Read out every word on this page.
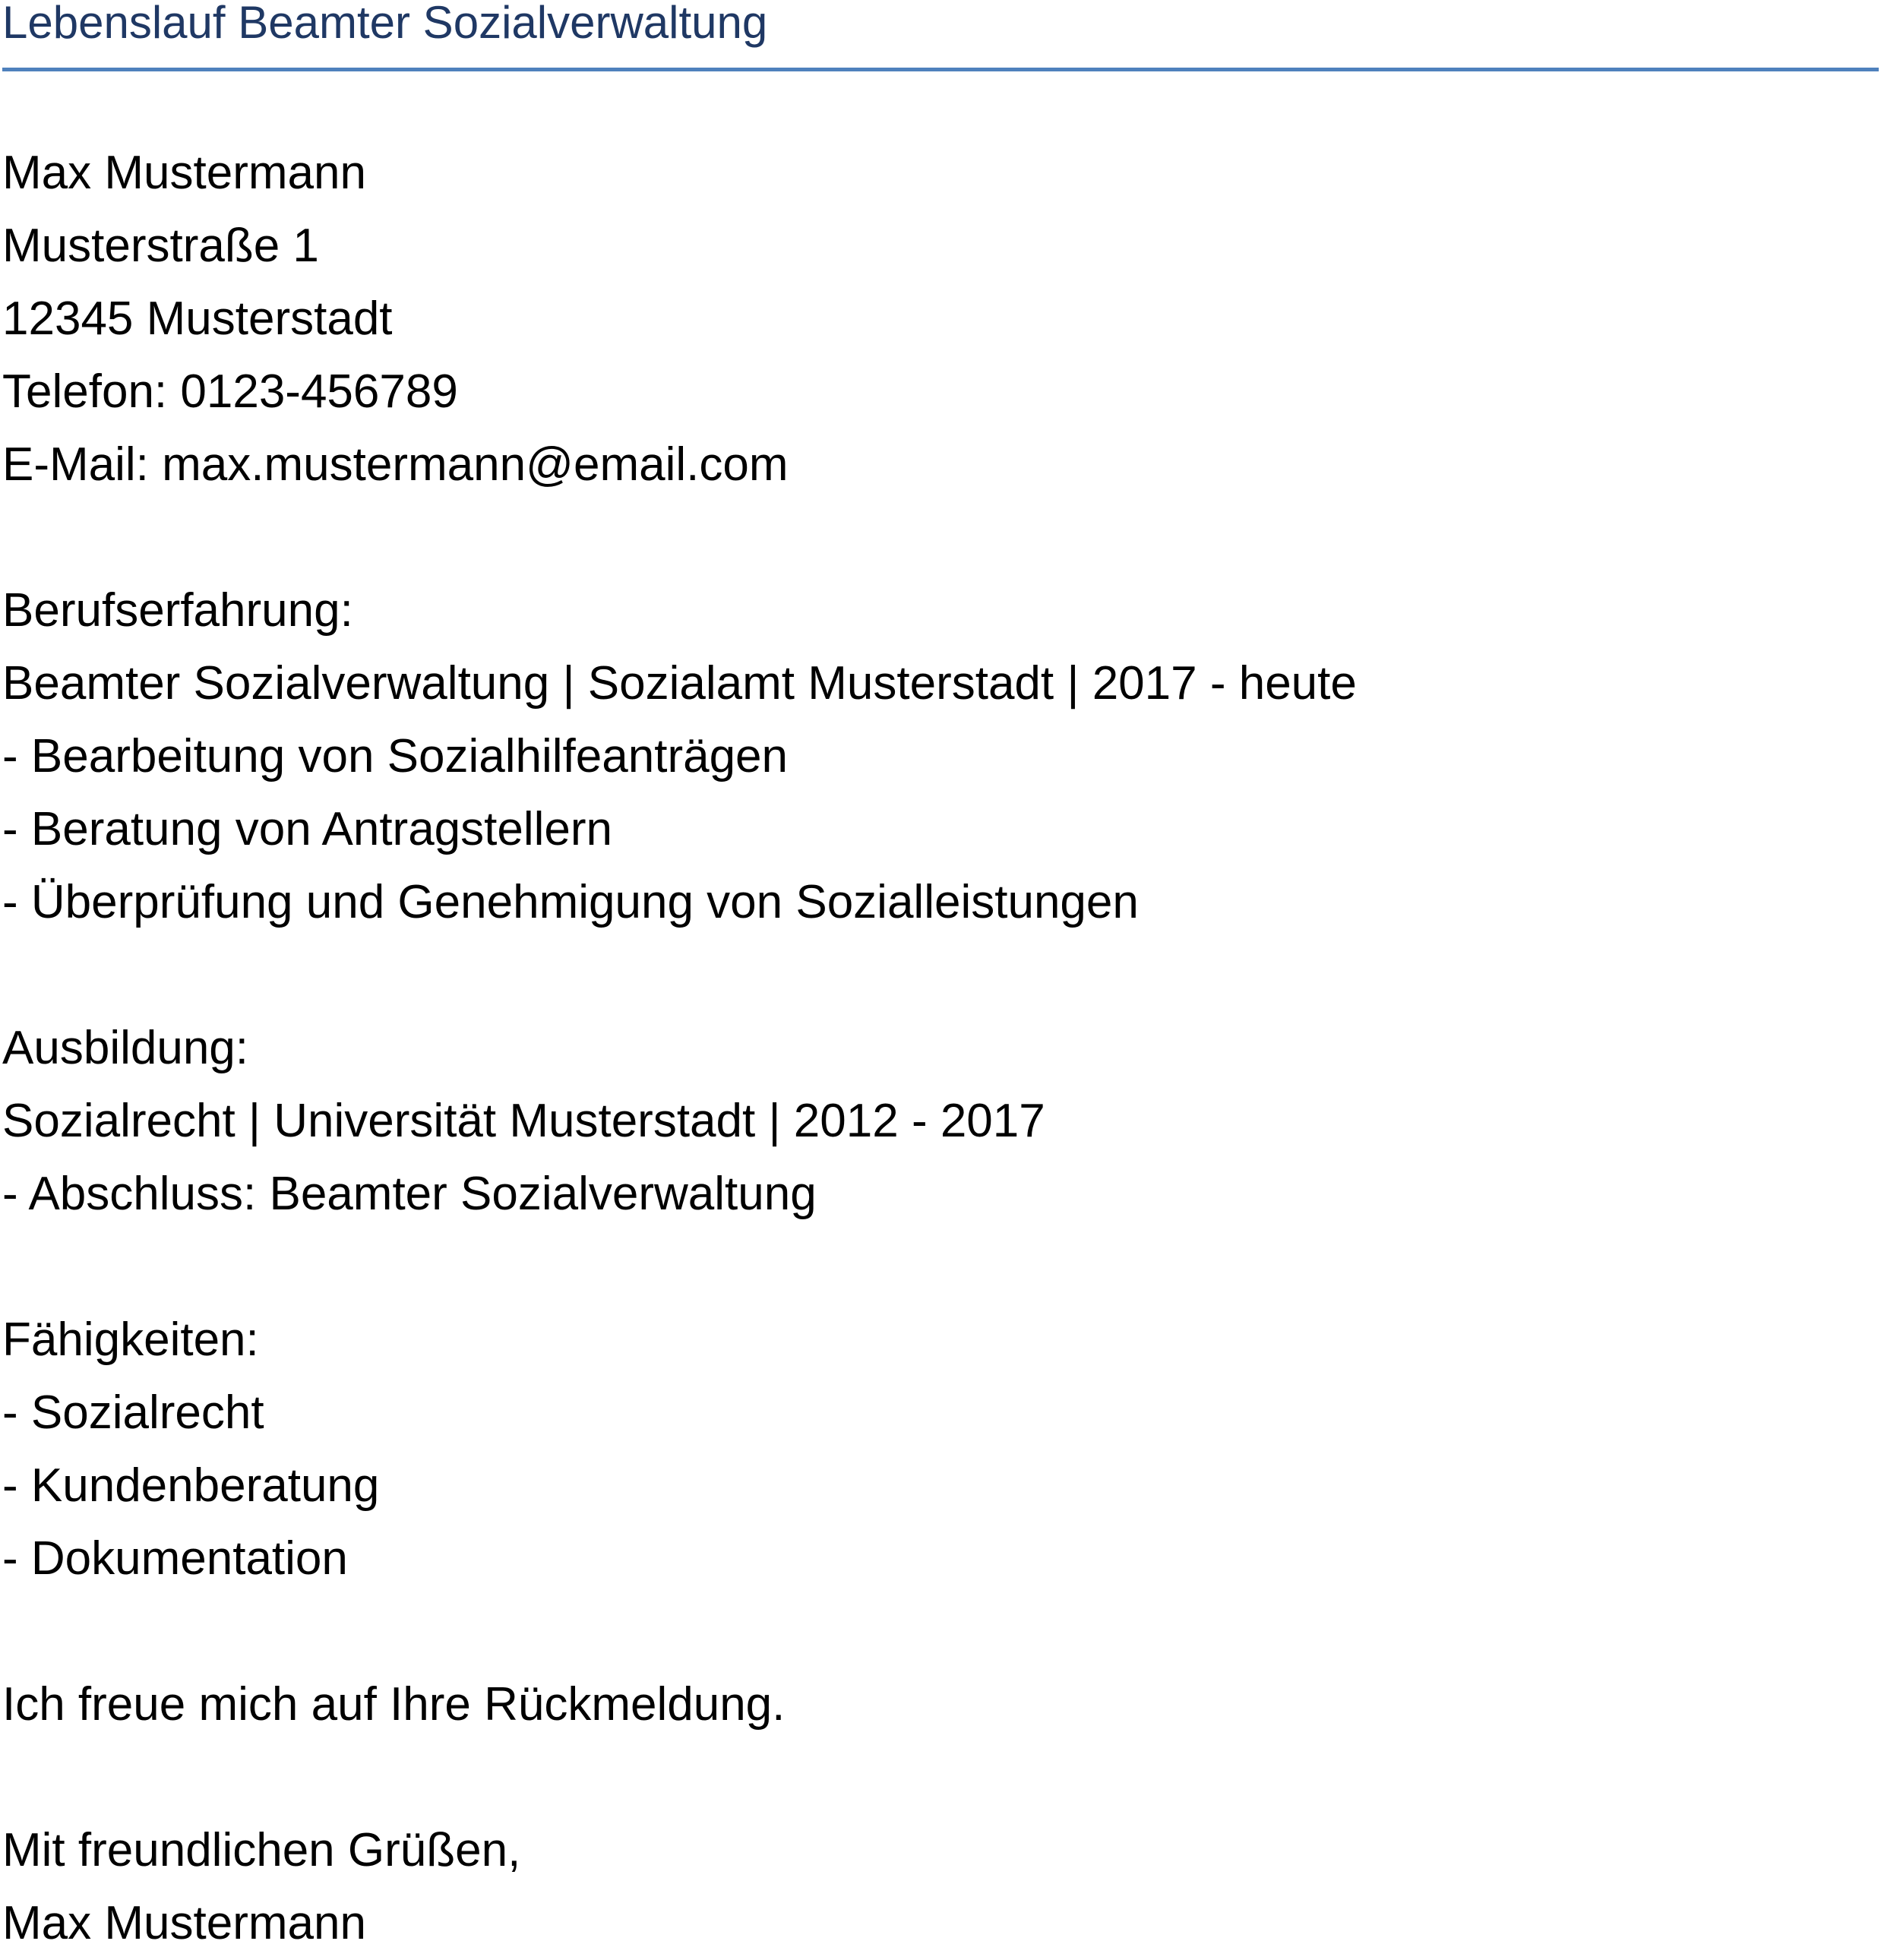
Lebenslauf Beamter Sozialverwaltung
Max Mustermann
Musterstraße 1
12345 Musterstadt
Telefon: 0123-456789
E-Mail: max.mustermann@email.com
Berufserfahrung:
Beamter Sozialverwaltung | Sozialamt Musterstadt | 2017 - heute
- Bearbeitung von Sozialhilfeanträgen
- Beratung von Antragstellern
- Überprüfung und Genehmigung von Sozialleistungen
Ausbildung:
Sozialrecht | Universität Musterstadt | 2012 - 2017
- Abschluss: Beamter Sozialverwaltung
Fähigkeiten:
- Sozialrecht
- Kundenberatung
- Dokumentation
Ich freue mich auf Ihre Rückmeldung.
Mit freundlichen Grüßen,
Max Mustermann
